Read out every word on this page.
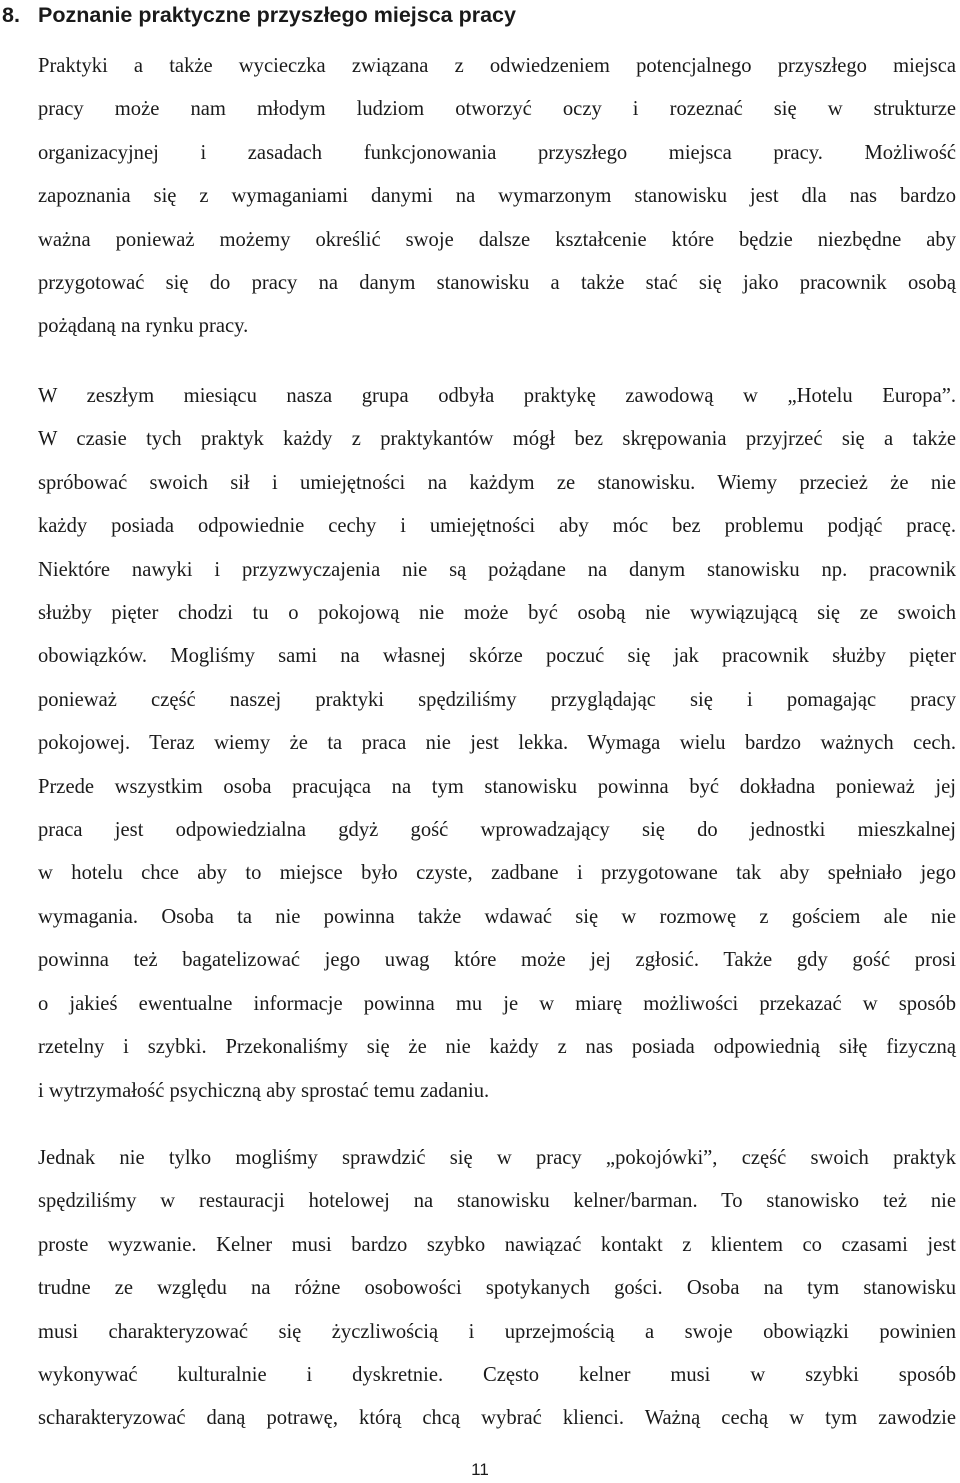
8. Poznanie praktyczne przyszłego miejsca pracy
Praktyki a także wycieczka związana z odwiedzeniem potencjalnego przyszłego miejsca
pracy może nam młodym ludziom otworzyć oczy i rozeznać się w strukturze
organizacyjnej i zasadach funkcjonowania przyszłego miejsca pracy. Możliwość
zapoznania się z wymaganiami danymi na wymarzonym stanowisku jest dla nas bardzo
ważna ponieważ możemy określić swoje dalsze kształcenie które będzie niezbędne aby
przygotować się do pracy na danym stanowisku a także stać się jako pracownik osobą
pożądaną na rynku pracy.
W zeszłym miesiącu nasza grupa odbyła praktykę zawodową w „Hotelu Europa”.
W czasie tych praktyk każdy z praktykantów mógł bez skrępowania przyjrzeć się a także
spróbować swoich sił i umiejętności na każdym ze stanowisku. Wiemy przecież że nie
każdy posiada odpowiednie cechy i umiejętności aby móc bez problemu podjąć pracę.
Niektóre nawyki i przyzwyczajenia nie są pożądane na danym stanowisku np. pracownik
służby pięter chodzi tu o pokojową nie może być osobą nie wywiązującą się ze swoich
obowiązków. Mogliśmy sami na własnej skórze poczuć się jak pracownik służby pięter
ponieważ część naszej praktyki spędziliśmy przyglądając się i pomagając pracy
pokojowej. Teraz wiemy że ta praca nie jest lekka. Wymaga wielu bardzo ważnych cech.
Przede wszystkim osoba pracująca na tym stanowisku powinna być dokładna ponieważ jej
praca jest odpowiedzialna gdyż gość wprowadzający się do jednostki mieszkalnej
w hotelu chce aby to miejsce było czyste, zadbane i przygotowane tak aby spełniało jego
wymagania. Osoba ta nie powinna także wdawać się w rozmowę z gościem ale nie
powinna też bagatelizować jego uwag które może jej zgłosić. Także gdy gość prosi
o jakieś ewentualne informacje powinna mu je w miarę możliwości przekazać w sposób
rzetelny i szybki. Przekonaliśmy się że nie każdy z nas posiada odpowiednią siłę fizyczną
i wytrzymałość psychiczną aby sprostać temu zadaniu.
Jednak nie tylko mogliśmy sprawdzić się w pracy „pokojówki”, część swoich praktyk
spędziliśmy w restauracji hotelowej na stanowisku kelner/barman. To stanowisko też nie
proste wyzwanie. Kelner musi bardzo szybko nawiązać kontakt z klientem co czasami jest
trudne ze względu na różne osobowości spotykanych gości. Osoba na tym stanowisku
musi charakteryzować się życzliwością i uprzejmością a swoje obowiązki powinien
wykonywać kulturalnie i dyskretnie. Często kelner musi w szybki sposób
scharakteryzować daną potrawę, którą chcą wybrać klienci. Ważną cechą w tym zawodzie
11
